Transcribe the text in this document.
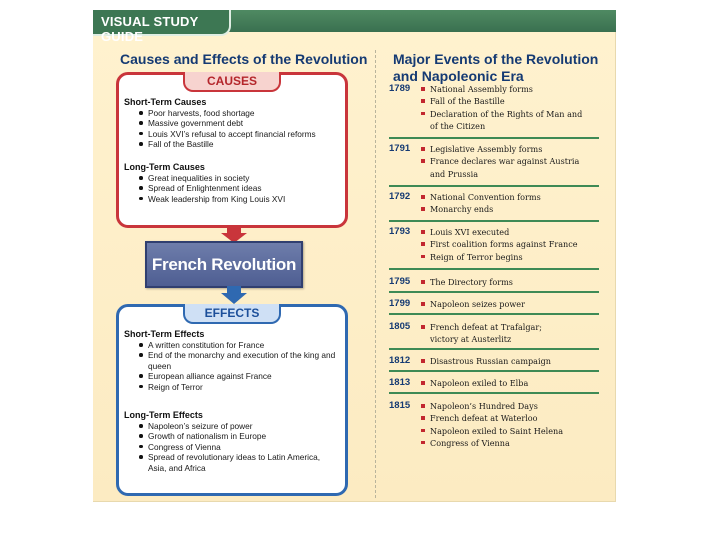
VISUAL STUDY GUIDE
Causes and Effects of the Revolution Major Events of the Revolution
and Napoleonic Era
CAUSES
Short-Term Causes
Poor harvests, food shortage
Massive government debt
Louis XVI’s refusal to accept financial reforms
Fall of the Bastille
Long-Term Causes
Great inequalities in society
Spread of Enlightenment ideas
Weak leadership from King Louis XVI
French Revolution
EFFECTS
Short-Term Effects
A written constitution for France
End of the monarchy and execution of the king and queen
European alliance against France
Reign of Terror
Long-Term Effects
Napoleon’s seizure of power
Growth of nationalism in Europe
Congress of Vienna
Spread of revolutionary ideas to Latin America, Asia, and Africa
1789 National Assembly forms
Fall of the Bastille
Declaration of the Rights of Man and
of the Citizen
1791 Legislative Assembly forms
France declares war against Austria
and Prussia
1792 National Convention forms
Monarchy ends
1793 Louis XVI executed
First coalition forms against France
Reign of Terror begins
1795 The Directory forms
1799 Napoleon seizes power
1805 French defeat at Trafalgar;
victory at Austerlitz
1812 Disastrous Russian campaign
1813 Napoleon exiled to Elba
1815 Napoleon’s Hundred Days
French defeat at Waterloo
Napoleon exiled to Saint Helena
Congress of Vienna
